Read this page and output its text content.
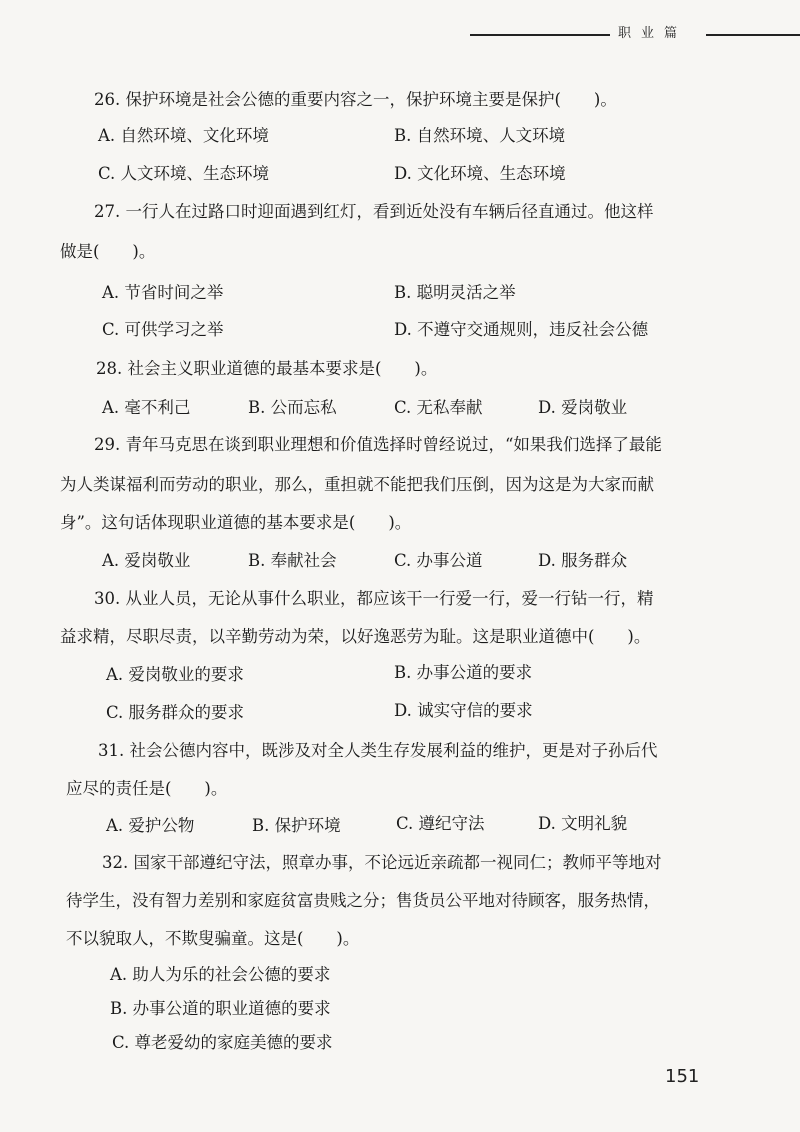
职业篇
26. 保护环境是社会公德的重要内容之一，保护环境主要是保护(　　)。
A. 自然环境、文化环境	B. 自然环境、人文环境
C. 人文环境、生态环境	D. 文化环境、生态环境
27. 一行人在过路口时迎面遇到红灯，看到近处没有车辆后径直通过。他这样
做是(　　)。
A. 节省时间之举	B. 聪明灵活之举
C. 可供学习之举	D. 不遵守交通规则，违反社会公德
28. 社会主义职业道德的最基本要求是(　　)。
A. 毫不利己	B. 公而忘私	C. 无私奉献	D. 爱岗敬业
29. 青年马克思在谈到职业理想和价值选择时曾经说过，“如果我们选择了最能
为人类谋福利而劳动的职业，那么，重担就不能把我们压倒，因为这是为大家而献
身”。这句话体现职业道德的基本要求是(　　)。
A. 爱岗敬业	B. 奉献社会	C. 办事公道	D. 服务群众
30. 从业人员，无论从事什么职业，都应该干一行爱一行，爱一行钻一行，精
益求精，尽职尽责，以辛勤劳动为荣，以好逸恶劳为耻。这是职业道德中(　　)。
A. 爱岗敬业的要求	B. 办事公道的要求
C. 服务群众的要求	D. 诚实守信的要求
31. 社会公德内容中，既涉及对全人类生存发展利益的维护，更是对子孙后代
应尽的责任是(　　)。
A. 爱护公物	B. 保护环境	C. 遵纪守法	D. 文明礼貌
32. 国家干部遵纪守法，照章办事，不论远近亲疏都一视同仁；教师平等地对
待学生，没有智力差别和家庭贫富贵贱之分；售货员公平地对待顾客，服务热情，
不以貌取人，不欺叟骗童。这是(　　)。
A. 助人为乐的社会公德的要求
B. 办事公道的职业道德的要求
C. 尊老爱幼的家庭美德的要求
151
